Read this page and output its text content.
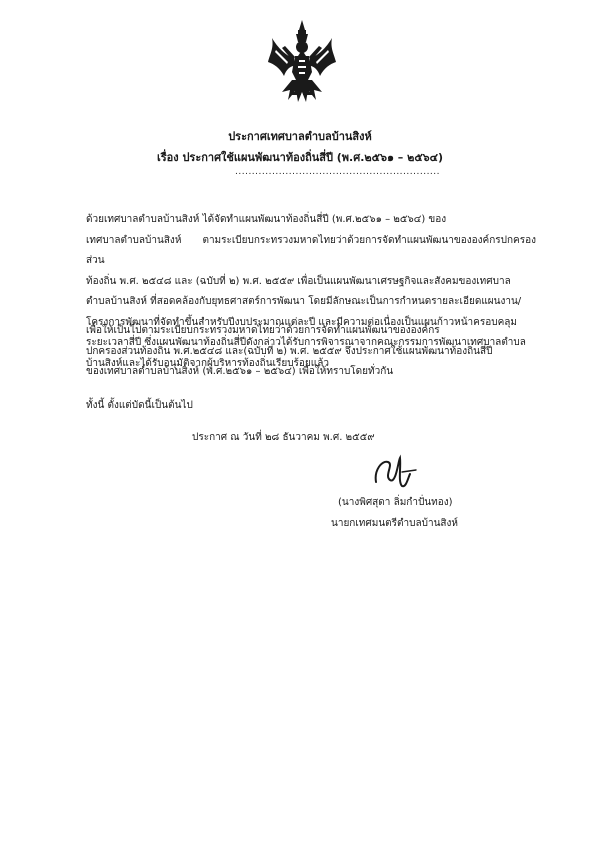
ประกาศเทศบาลตำบลบ้านสิงห์
เรื่อง ประกาศใช้แผนพัฒนาท้องถิ่นสี่ปี (พ.ศ.๒๕๖๑ – ๒๕๖๔)
.............................................................

ด้วยเทศบาลตำบลบ้านสิงห์ ได้จัดทำแผนพัฒนาท้องถิ่นสี่ปี (พ.ศ.๒๕๖๑ – ๒๕๖๔) ของ
เทศบาลตำบลบ้านสิงห์ ตามระเบียบกระทรวงมหาดไทยว่าด้วยการจัดทำแผนพัฒนาขององค์กรปกครองส่วน
ท้องถิ่น พ.ศ. ๒๕๔๘ และ (ฉบับที่ ๒) พ.ศ. ๒๕๕๙ เพื่อเป็นแผนพัฒนาเศรษฐกิจและสังคมของเทศบาล
ตำบลบ้านสิงห์ ที่สอดคล้องกับยุทธศาสตร์การพัฒนา โดยมีลักษณะเป็นการกำหนดรายละเอียดแผนงาน/
โครงการพัฒนาที่จัดทำขึ้นสำหรับปีงบประมาณแต่ละปี และมีความต่อเนื่องเป็นแผนก้าวหน้าครอบคลุม
ระยะเวลาสี่ปี ซึ่งแผนพัฒนาท้องถิ่นสี่ปีดังกล่าวได้รับการพิจารณาจากคณะกรรมการพัฒนาเทศบาลตำบล
บ้านสิงห์และได้รับอนุมัติจากผู้บริหารท้องถิ่นเรียบร้อยแล้ว

เพื่อให้เป็นไปตามระเบียบกระทรวงมหาดไทยว่าด้วยการจัดทำแผนพัฒนาขององค์กร
ปกครองส่วนท้องถิ่น พ.ศ.๒๕๔๘ และ(ฉบับที่ ๒) พ.ศ. ๒๕๕๙ จึงประกาศใช้แผนพัฒนาท้องถิ่นสี่ปี
ของเทศบาลตำบลบ้านสิงห์ (พ.ศ.๒๕๖๑ – ๒๕๖๔) เพื่อให้ทราบโดยทั่วกัน

ทั้งนี้ ตั้งแต่บัดนี้เป็นต้นไป

ประกาศ ณ วันที่ ๒๘ ธันวาคม พ.ศ. ๒๕๕๙
(นางพิศสุดา ลิ่มกำปั่นทอง)
นายกเทศมนตรีตำบลบ้านสิงห์
